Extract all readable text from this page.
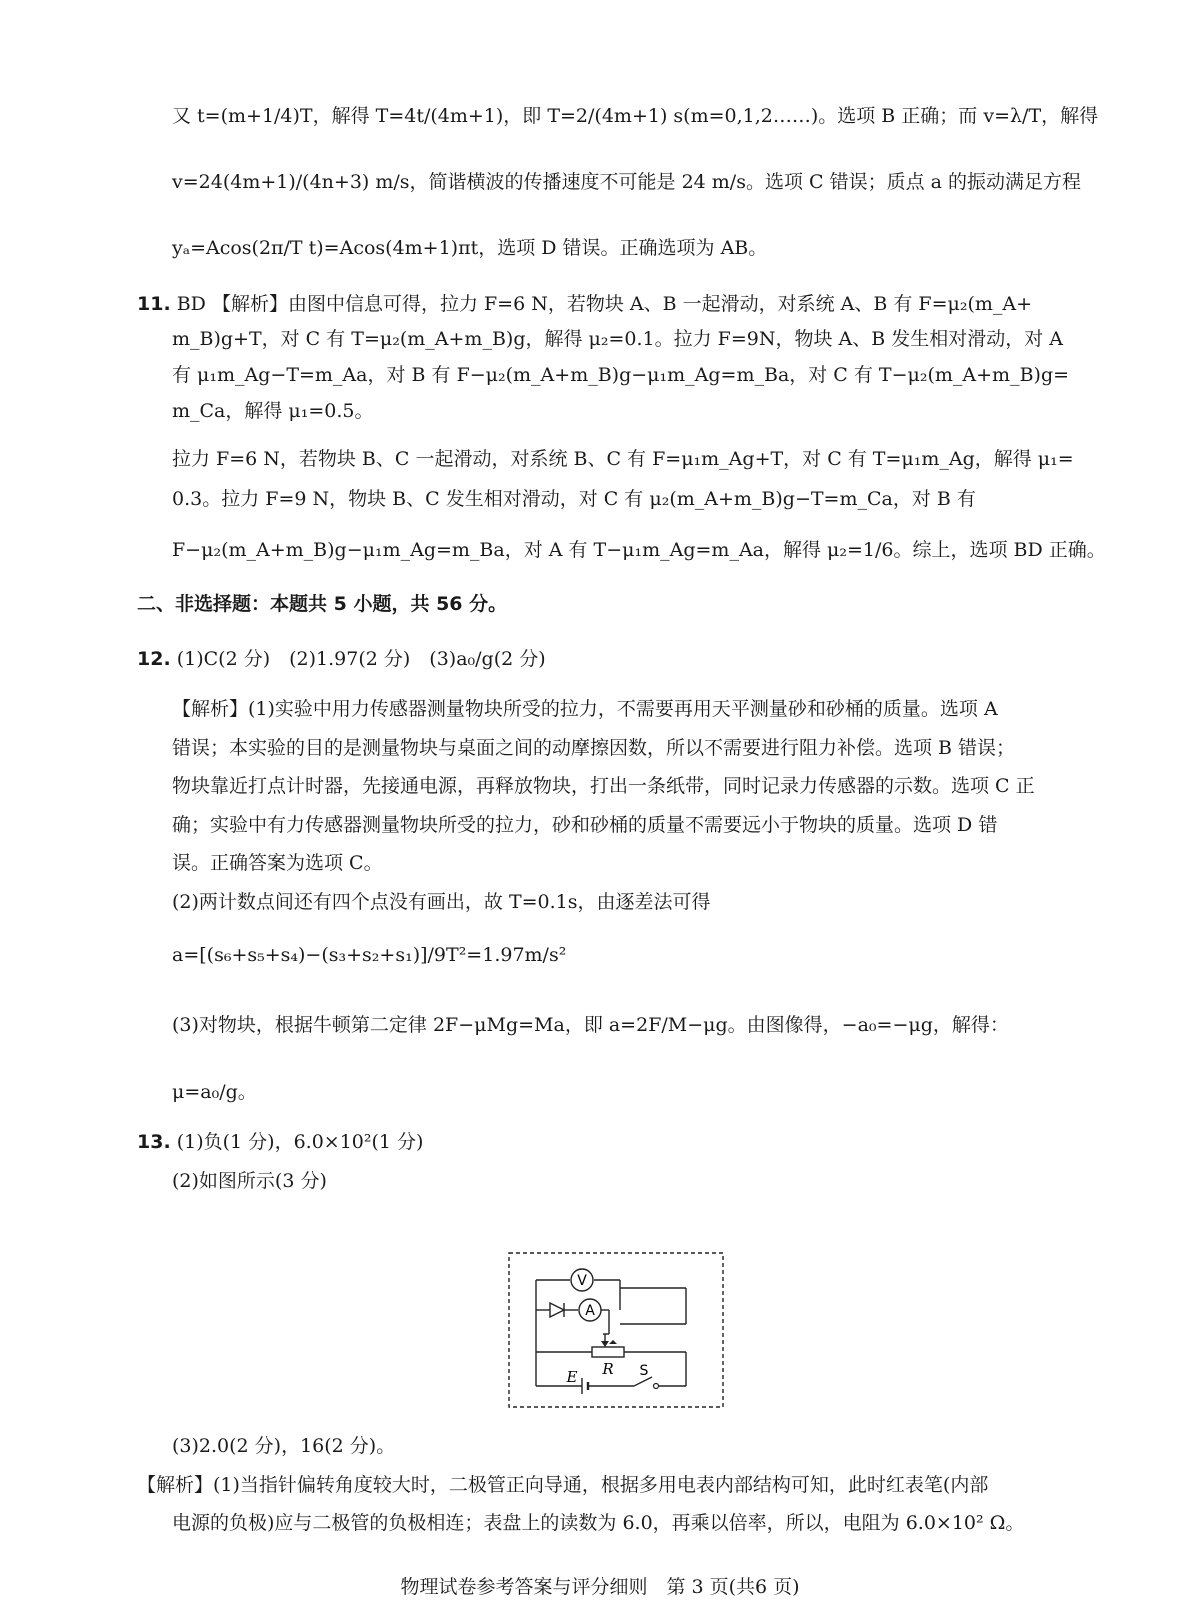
又 t=(m+1/4)T，解得 T=4t/(4m+1)，即 T=2/(4m+1) s(m=0,1,2……)。选项 B 正确；而 v=λ/T，解得
v=24(4m+1)/(4n+3) m/s，简谐横波的传播速度不可能是 24 m/s。选项 C 错误；质点 a 的振动满足方程
yₐ=Acos(2π/T t)=Acos(4m+1)πt，选项 D 错误。正确选项为 AB。
11. BD 【解析】由图中信息可得，拉力 F=6 N，若物块 A、B 一起滑动，对系统 A、B 有 F=μ₂(m_A+
m_B)g+T，对 C 有 T=μ₂(m_A+m_B)g，解得 μ₂=0.1。拉力 F=9N，物块 A、B 发生相对滑动，对 A
有 μ₁m_Ag−T=m_Aa，对 B 有 F−μ₂(m_A+m_B)g−μ₁m_Ag=m_Ba，对 C 有 T−μ₂(m_A+m_B)g=
m_Ca，解得 μ₁=0.5。
拉力 F=6 N，若物块 B、C 一起滑动，对系统 B、C 有 F=μ₁m_Ag+T，对 C 有 T=μ₁m_Ag，解得 μ₁=
0.3。拉力 F=9 N，物块 B、C 发生相对滑动，对 C 有 μ₂(m_A+m_B)g−T=m_Ca，对 B 有
F−μ₂(m_A+m_B)g−μ₁m_Ag=m_Ba，对 A 有 T−μ₁m_Ag=m_Aa，解得 μ₂=1/6。综上，选项 BD 正确。
二、非选择题：本题共 5 小题，共 56 分。
12. (1)C(2 分)　(2)1.97(2 分)　(3)a₀/g(2 分)
【解析】(1)实验中用力传感器测量物块所受的拉力，不需要再用天平测量砂和砂桶的质量。选项 A
错误；本实验的目的是测量物块与桌面之间的动摩擦因数，所以不需要进行阻力补偿。选项 B 错误；
物块靠近打点计时器，先接通电源，再释放物块，打出一条纸带，同时记录力传感器的示数。选项 C 正
确；实验中有力传感器测量物块所受的拉力，砂和砂桶的质量不需要远小于物块的质量。选项 D 错
误。正确答案为选项 C。
(2)两计数点间还有四个点没有画出，故 T=0.1s，由逐差法可得
a=[(s₆+s₅+s₄)−(s₃+s₂+s₁)]/9T²=1.97m/s²
(3)对物块，根据牛顿第二定律 2F−μMg=Ma，即 a=2F/M−μg。由图像得，−a₀=−μg，解得：
μ=a₀/g。
13. (1)负(1 分)，6.0×10²(1 分)
(2)如图所示(3 分)
V
A
R
E	S
(3)2.0(2 分)，16(2 分)。
【解析】(1)当指针偏转角度较大时，二极管正向导通，根据多用电表内部结构可知，此时红表笔(内部
电源的负极)应与二极管的负极相连；表盘上的读数为 6.0，再乘以倍率，所以，电阻为 6.0×10² Ω。
物理试卷参考答案与评分细则　第 3 页(共6 页)
